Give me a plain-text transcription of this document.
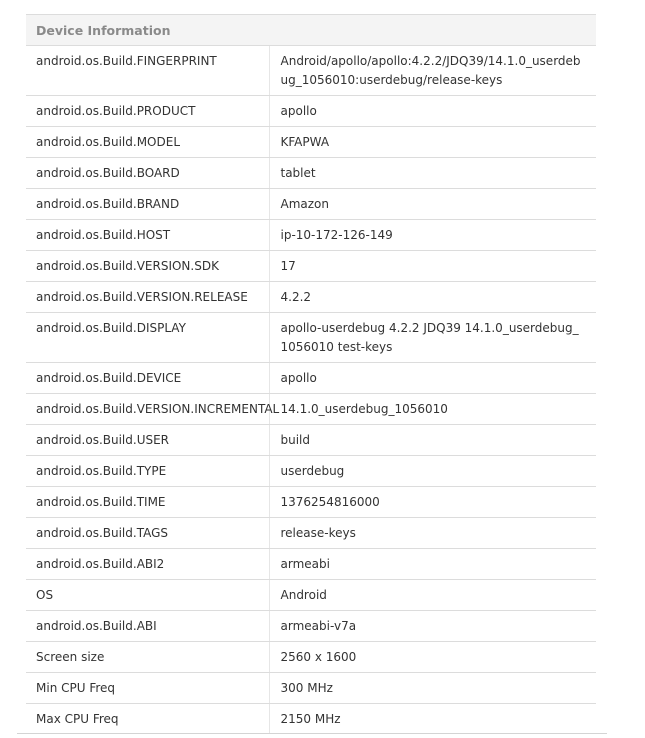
Device Information
android.os.Build.FINGERPRINT	Android/apollo/apollo:4.2.2/JDQ39/14.1.0_userdebug_1056010:userdebug/release-keys
android.os.Build.PRODUCT	apollo
android.os.Build.MODEL	KFAPWA
android.os.Build.BOARD	tablet
android.os.Build.BRAND	Amazon
android.os.Build.HOST	ip-10-172-126-149
android.os.Build.VERSION.SDK	17
android.os.Build.VERSION.RELEASE	4.2.2
android.os.Build.DISPLAY	apollo-userdebug 4.2.2 JDQ39 14.1.0_userdebug_1056010 test-keys
android.os.Build.DEVICE	apollo
android.os.Build.VERSION.INCREMENTAL	14.1.0_userdebug_1056010
android.os.Build.USER	build
android.os.Build.TYPE	userdebug
android.os.Build.TIME	1376254816000
android.os.Build.TAGS	release-keys
android.os.Build.ABI2	armeabi
OS	Android
android.os.Build.ABI	armeabi-v7a
Screen size	2560 x 1600
Min CPU Freq	300 MHz
Max CPU Freq	2150 MHz
